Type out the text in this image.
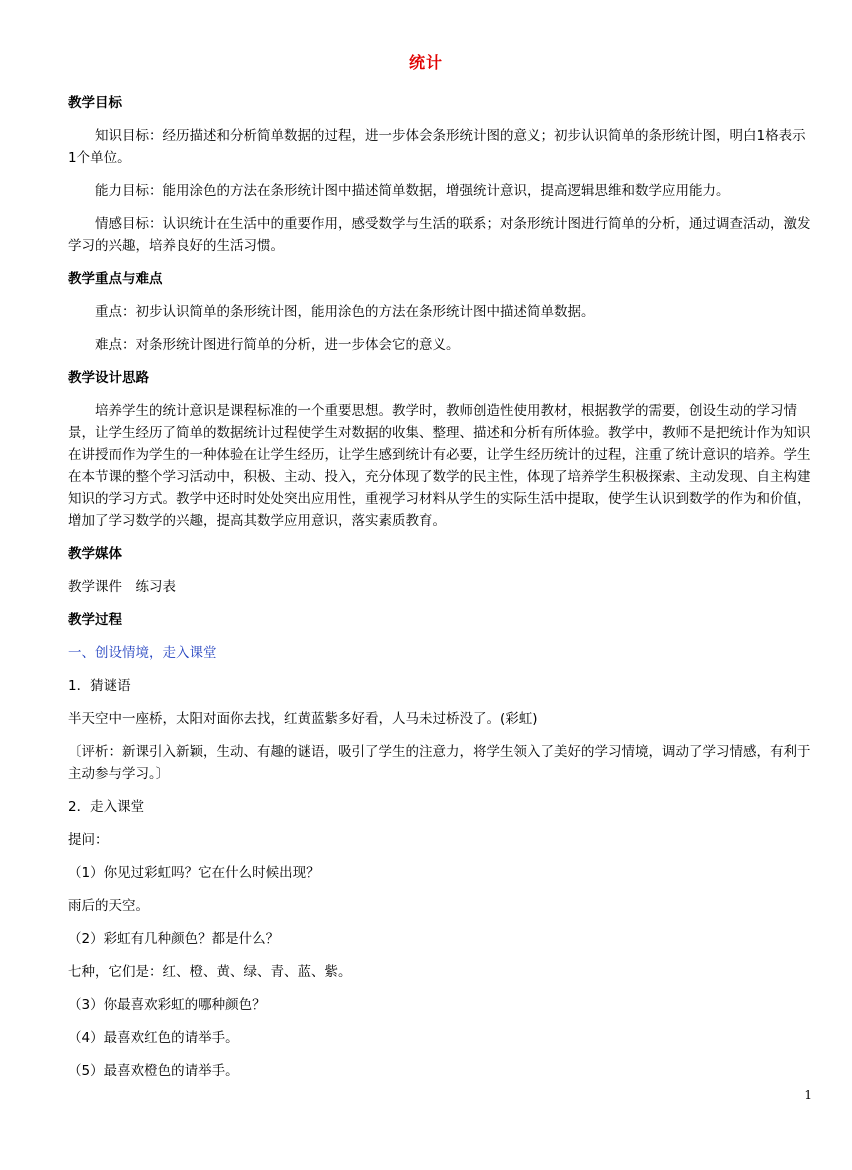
统计

教学目标

知识目标：经历描述和分析简单数据的过程，进一步体会条形统计图的意义；初步认识简单的条形统计图，明白1格表示1个单位。

能力目标：能用涂色的方法在条形统计图中描述简单数据，增强统计意识，提高逻辑思维和数学应用能力。

情感目标：认识统计在生活中的重要作用，感受数学与生活的联系；对条形统计图进行简单的分析，通过调查活动，激发学习的兴趣，培养良好的生活习惯。

教学重点与难点

重点：初步认识简单的条形统计图，能用涂色的方法在条形统计图中描述简单数据。

难点：对条形统计图进行简单的分析，进一步体会它的意义。

教学设计思路

培养学生的统计意识是课程标准的一个重要思想。教学时，教师创造性使用教材，根据教学的需要，创设生动的学习情景，让学生经历了简单的数据统计过程使学生对数据的收集、整理、描述和分析有所体验。教学中，教师不是把统计作为知识在讲授而作为学生的一种体验在让学生经历，让学生感到统计有必要，让学生经历统计的过程，注重了统计意识的培养。学生在本节课的整个学习活动中，积极、主动、投入，充分体现了数学的民主性，体现了培养学生积极探索、主动发现、自主构建知识的学习方式。教学中还时时处处突出应用性，重视学习材料从学生的实际生活中提取，使学生认识到数学的作为和价值，增加了学习数学的兴趣，提高其数学应用意识，落实素质教育。

教学媒体

教学课件　练习表

教学过程

一、创设情境，走入课堂

1．猜谜语

半天空中一座桥，太阳对面你去找，红黄蓝紫多好看，人马未过桥没了。(彩虹)

〔评析：新课引入新颖，生动、有趣的谜语，吸引了学生的注意力，将学生领入了美好的学习情境，调动了学习情感，有利于主动参与学习。〕

2．走入课堂

提问：

（1）你见过彩虹吗？它在什么时候出现？

雨后的天空。

（2）彩虹有几种颜色？都是什么？

七种，它们是：红、橙、黄、绿、青、蓝、紫。

（3）你最喜欢彩虹的哪种颜色？

（4）最喜欢红色的请举手。

（5）最喜欢橙色的请举手。

1
